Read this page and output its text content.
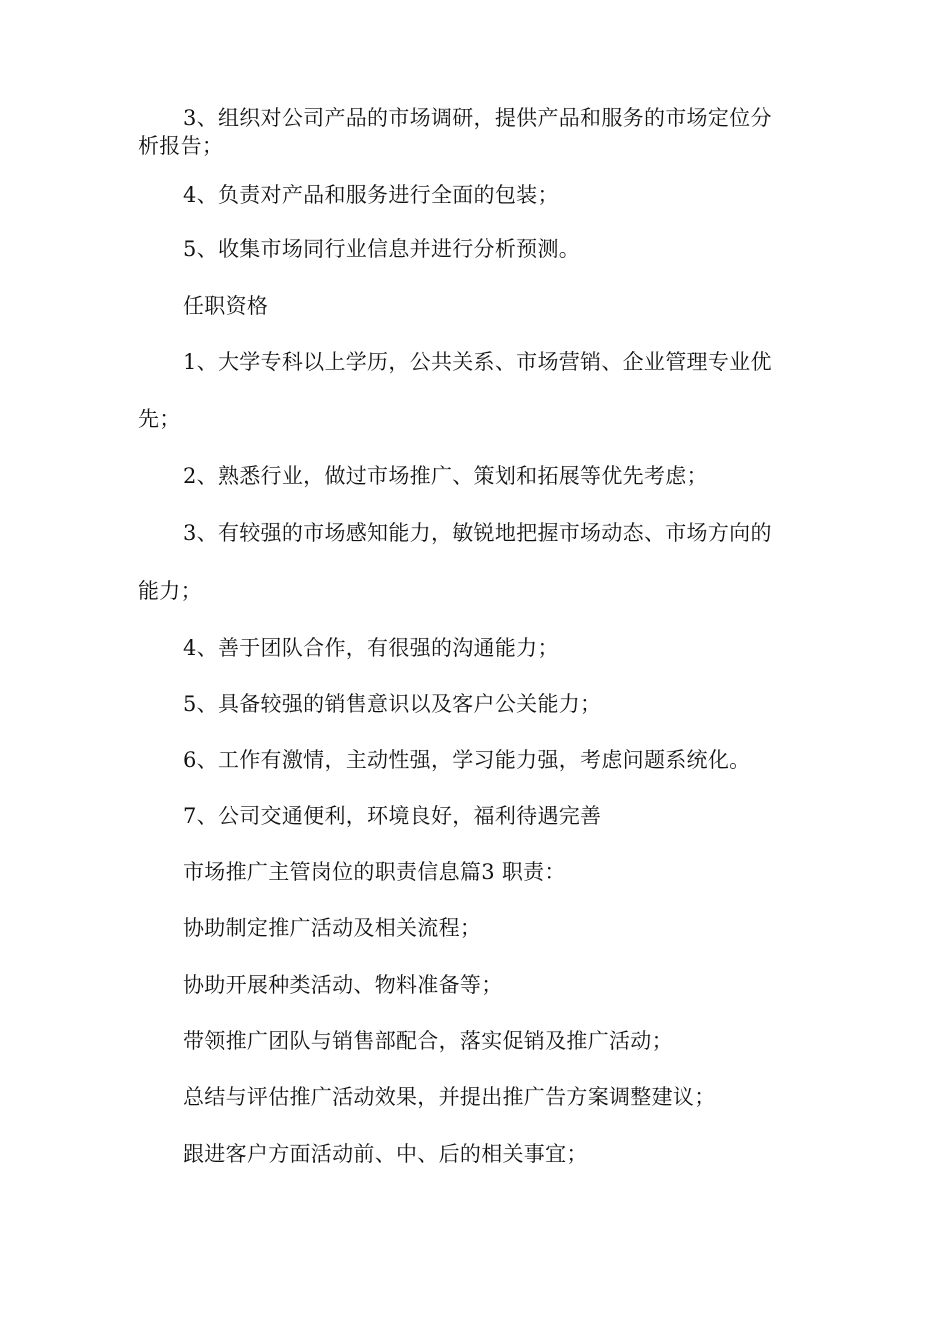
3、组织对公司产品的市场调研，提供产品和服务的市场定位分
析报告；
4、负责对产品和服务进行全面的包装；
5、收集市场同行业信息并进行分析预测。
任职资格
1、大学专科以上学历，公共关系、市场营销、企业管理专业优
先；
2、熟悉行业，做过市场推广、策划和拓展等优先考虑；
3、有较强的市场感知能力，敏锐地把握市场动态、市场方向的
能力；
4、善于团队合作，有很强的沟通能力；
5、具备较强的销售意识以及客户公关能力；
6、工作有激情，主动性强，学习能力强，考虑问题系统化。
7、公司交通便利，环境良好，福利待遇完善
市场推广主管岗位的职责信息篇3 职责：
协助制定推广活动及相关流程；
协助开展种类活动、物料准备等；
带领推广团队与销售部配合，落实促销及推广活动；
总结与评估推广活动效果，并提出推广告方案调整建议；
跟进客户方面活动前、中、后的相关事宜；
